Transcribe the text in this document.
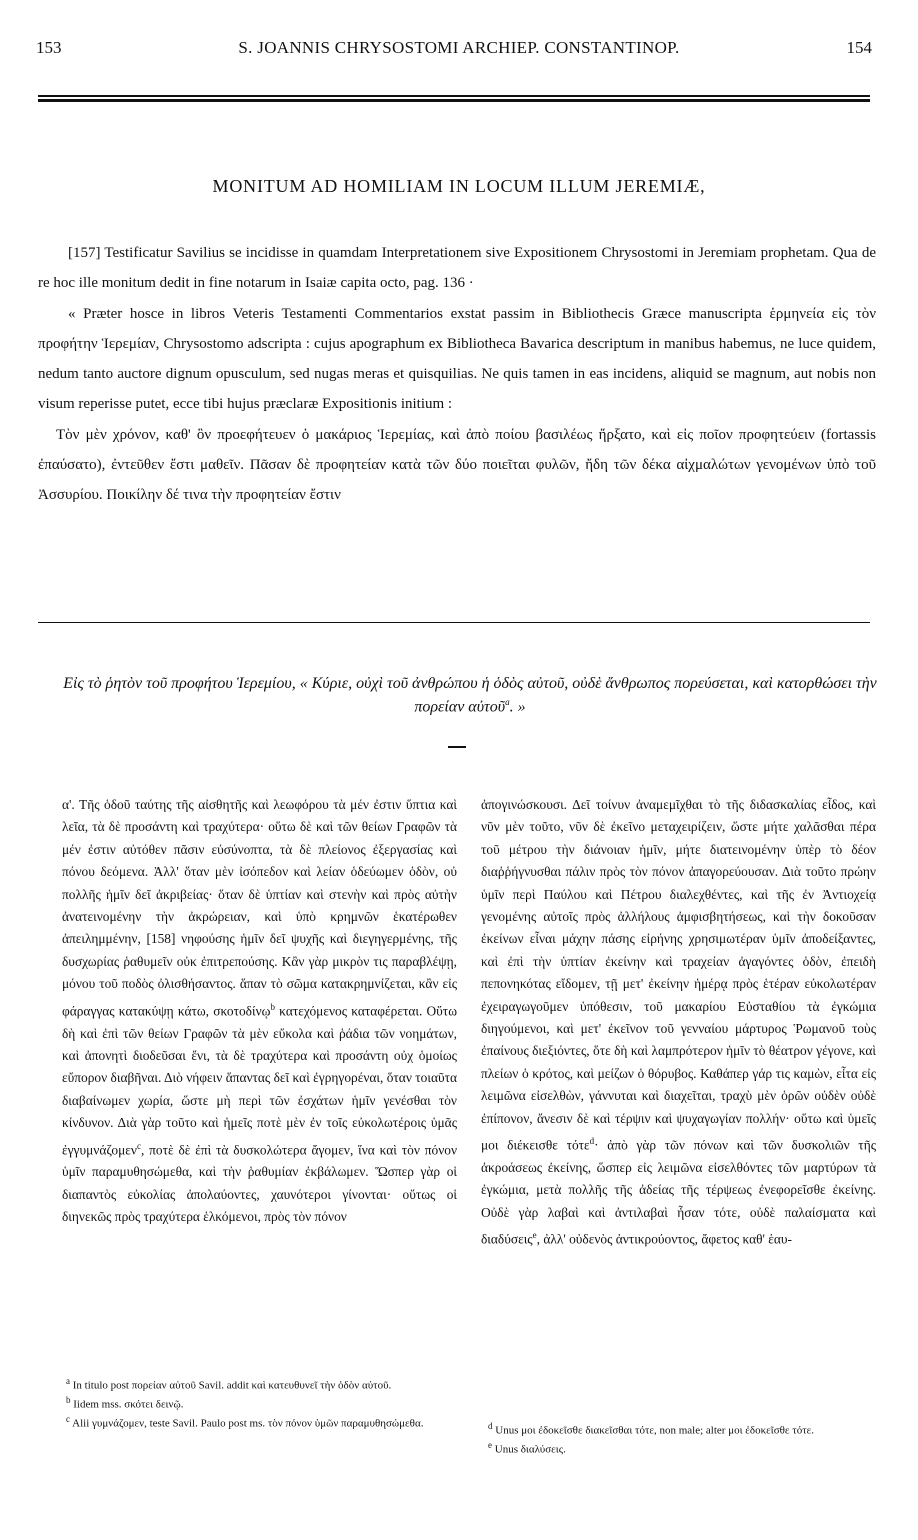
153	S. JOANNIS CHRYSOSTOMI ARCHIEP. CONSTANTINOP.	154
MONITUM AD HOMILIAM IN LOCUM ILLUM JEREMIÆ,

[157] Testificatur Savilius se incidisse in quamdam Interpretationem sive Expositionem Chrysostomi in Jeremiam prophetam. Qua de re hoc ille monitum dedit in fine notarum in Isaiæ capita octo, pag. 136 ·

« Præter hosce in libros Veteris Testamenti Commentarios exstat passim in Bibliothecis Græce manuscripta ἑρμηνεία εἰς τὸν προφήτην Ἱερεμίαν, Chrysostomo adscripta : cujus apographum ex Bibliotheca Bavarica descriptum in manibus habemus, ne luce quidem, nedum tanto auctore dignum opusculum, sed nugas meras et quisquilias. Ne quis tamen in eas incidens, aliquid se magnum, aut nobis non visum reperisse putet, ecce tibi hujus præclaræ Expositionis initium :

Τὸν μὲν χρόνον, καθ' ὃν προεφήτευεν ὁ μακάριος Ἱερεμίας, καὶ ἀπὸ ποίου βασιλέως ἤρξατο, καὶ εἰς ποῖον προφητεύειν (fortassis ἐπαύσατο), ἐντεῦθεν ἔστι μαθεῖν. Πᾶσαν δὲ προφητείαν κατὰ τῶν δύο ποιεῖται φυλῶν, ἤδη τῶν δέκα αἰχμαλώτων γενομένων ὑπὸ τοῦ Ἀσσυρίου. Ποικίλην δέ τινα τὴν προφητείαν ἔστιν

Εἰς τὸ ῥητὸν τοῦ προφήτου Ἱερεμίου, « Κύριε, οὐχὶ τοῦ ἀνθρώπου ἡ ὁδὸς αὐτοῦ, οὐδὲ ἄνθρωπος πορεύσεται, καὶ κατορθώσει τὴν πορείαν αὐτοῦ$^a$. »
α'. Τῆς ὁδοῦ ταύτης τῆς αἰσθητῆς καὶ λεωφόρου τὰ μέν ἐστιν ὕπτια καὶ λεῖα, τὰ δὲ προσάντη καὶ τραχύτερα· οὕτω δὲ καὶ τῶν θείων Γραφῶν τὰ μέν ἐστιν αὐτόθεν πᾶσιν εὐσύνοπτα, τὰ δὲ πλείονος ἐξεργασίας καὶ πόνου δεόμενα. Ἀλλ' ὅταν μὲν ἰσόπεδον καὶ λείαν ὁδεύωμεν ὁδὸν, οὐ πολλῆς ἡμῖν δεῖ ἀκριβείας· ὅταν δὲ ὑπτίαν καὶ στενὴν καὶ πρὸς αὐτὴν ἀνατεινομένην τὴν ἀκρώρειαν, καὶ ὑπὸ κρημνῶν ἑκατέρωθεν ἀπειλημμένην, [158] νηφούσης ἡμῖν δεῖ ψυχῆς καὶ διεγηγερμένης, τῆς δυσχωρίας ῥαθυμεῖν οὐκ ἐπιτρεπούσης. Κἂν γὰρ μικρὸν τις παραβλέψῃ, μόνου τοῦ ποδὸς ὀλισθήσαντος. ἅπαν τὸ σῶμα κατακρημνίζεται, κἂν εἰς φάραγγας κατακύψῃ κάτω, σκοτοδίνῳ$^b$ κατεχόμενος καταφέρεται. Οὕτω δὴ καὶ ἐπὶ τῶν θείων Γραφῶν τὰ μὲν εὔκολα καὶ ῥάδια τῶν νοημάτων, καὶ ἀπονητὶ διοδεῦσαι ἔνι, τὰ δὲ τραχύτερα καὶ προσάντη οὐχ ὁμοίως εὔπορον διαβῆναι. Διὸ νήφειν ἅπαντας δεῖ καὶ ἐγρηγορέναι, ὅταν τοιαῦτα διαβαίνωμεν χωρία, ὥστε μὴ περὶ τῶν ἐσχάτων ἡμῖν γενέσθαι τὸν κίνδυνον. Διὰ γὰρ τοῦτο καὶ ἡμεῖς ποτὲ μὲν ἐν τοῖς εὐκολωτέροις ὑμᾶς ἐγγυμνάζομεν$^c$, ποτὲ δὲ ἐπὶ τὰ δυσκολώτερα ἄγομεν, ἵνα καὶ τὸν πόνον ὑμῖν παραμυθησώμεθα, καὶ τὴν ῥαθυμίαν ἐκβάλωμεν. Ὥσπερ γὰρ οἱ διαπαντὸς εὐκολίας ἀπολαύοντες, χαυνότεροι γίνονται· οὕτως οἱ διηνεκῶς πρὸς τραχύτερα ἑλκόμενοι, πρὸς τὸν πόνον
ἀπογινώσκουσι. Δεῖ τοίνυν ἀναμεμῖχθαι τὸ τῆς διδασκαλίας εἶδος, καὶ νῦν μὲν τοῦτο, νῦν δὲ ἐκεῖνο μεταχειρίζειν, ὥστε μήτε χαλᾶσθαι πέρα τοῦ μέτρου τὴν διάνοιαν ἡμῖν, μήτε διατεινομένην ὑπὲρ τὸ δέον διαῤῥήγνυσθαι πάλιν πρὸς τὸν πόνον ἀπαγορεύουσαν. Διὰ τοῦτο πρώην ὑμῖν περὶ Παύλου καὶ Πέτρου διαλεχθέντες, καὶ τῆς ἐν Ἀντιοχείᾳ γενομένης αὐτοῖς πρὸς ἀλλήλους ἀμφισβητήσεως, καὶ τὴν δοκοῦσαν ἐκείνων εἶναι μάχην πάσης εἰρήνης χρησιμωτέραν ὑμῖν ἀποδείξαντες, καὶ ἐπὶ τὴν ὑπτίαν ἐκείνην καὶ τραχείαν ἀγαγόντες ὁδὸν, ἐπειδὴ πεπονηκότας εἴδομεν, τῇ μετ' ἐκείνην ἡμέρᾳ πρὸς ἑτέραν εὐκολωτέραν ἐχειραγωγοῦμεν ὑπόθεσιν, τοῦ μακαρίου Εὐσταθίου τὰ ἐγκώμια διηγούμενοι, καὶ μετ' ἐκεῖνον τοῦ γενναίου μάρτυρος Ῥωμανοῦ τοὺς ἐπαίνους διεξιόντες, ὅτε δὴ καὶ λαμπρότερον ἡμῖν τὸ θέατρον γέγονε, καὶ πλείων ὁ κρότος, καὶ μείζων ὁ θόρυβος. Καθάπερ γάρ τις καμὼν, εἶτα εἰς λειμῶνα εἰσελθὼν, γάννυται καὶ διαχεῖται, τραχὺ μὲν ὁρῶν οὐδὲν οὐδὲ ἐπίπονον, ἄνεσιν δὲ καὶ τέρψιν καὶ ψυχαγωγίαν πολλήν· οὕτω καὶ ὑμεῖς μοι διέκεισθε τότε$^d$· ἀπὸ γὰρ τῶν πόνων καὶ τῶν δυσκολιῶν τῆς ἀκροάσεως ἐκείνης, ὥσπερ εἰς λειμῶνα εἰσελθόντες τῶν μαρτύρων τὰ ἐγκώμια, μετὰ πολλῆς τῆς ἀδείας τῆς τέρψεως ἐνεφορεῖσθε ἐκείνης. Οὐδὲ γὰρ λαβαὶ καὶ ἀντιλαβαὶ ἦσαν τότε, οὐδὲ παλαίσματα καὶ διαδύσεις$^e$, ἀλλ' οὐδενὸς ἀντικρούοντος, ἄφετος καθ' ἑαυ-

$^a$ In titulo post πορείαν αὐτοῦ Savil. addit καὶ κατευθυνεῖ τὴν ὁδὸν αὐτοῦ.

$^b$ Iidem mss. σκότει δεινῷ.

$^c$ Alii γυμνάζομεν, teste Savil. Paulo post ms. τὸν πόνον ὑμῶν παραμυθησώμεθα.	$^d$ Unus μοι ἐδοκεῖσθε διακεῖσθαι τότε, non male; alter μοι ἐδοκεῖσθε τότε.

$^e$ Unus διαλύσεις.
